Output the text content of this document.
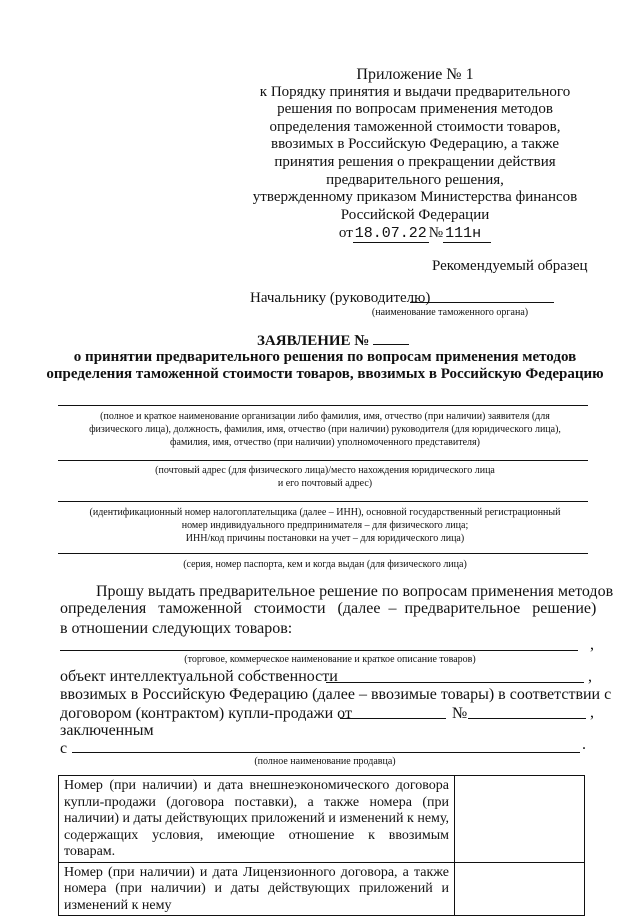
Приложение № 1
к Порядку принятия и выдачи предварительного
решения по вопросам применения методов
определения таможенной стоимости товаров,
ввозимых в Российскую Федерацию, а также
принятия решения о прекращении действия
предварительного решения,
утвержденному приказом Министерства финансов
Российской Федерации
от 18.07.22 № 111н
Рекомендуемый образец
Начальнику (руководителю)
(наименование таможенного органа)
ЗАЯВЛЕНИЕ №
о принятии предварительного решения по вопросам применения методов
определения таможенной стоимости товаров, ввозимых в Российскую Федерацию
(полное и краткое наименование организации либо фамилия, имя, отчество (при наличии) заявителя (для
физического лица), должность, фамилия, имя, отчество (при наличии) руководителя (для юридического лица),
фамилия, имя, отчество (при наличии) уполномоченного представителя)
(почтовый адрес (для физического лица)/место нахождения юридического лица
и его почтовый адрес)
(идентификационный номер налогоплательщика (далее – ИНН), основной государственный регистрационный
номер индивидуального предпринимателя – для физического лица;
ИНН/код причины постановки на учет – для юридического лица)
(серия, номер паспорта, кем и когда выдан (для физического лица)
Прошу выдать предварительное решение по вопросам применения методов
определения   таможенной   стоимости   (далее  –  предварительное   решение)
в отношении следующих товаров:
,
(торговое, коммерческое наименование и краткое описание товаров)
объект интеллектуальной собственности	,
ввозимых в Российскую Федерацию (далее – ввозимые товары) в соответствии с
договором (контрактом) купли-продажи от	№	,
заключенным
с	.
(полное наименование продавца)
Номер (при наличии) и дата внешнеэкономического договора купли-продажи (договора поставки), а также номера (при наличии) и даты действующих приложений и изменений к нему, содержащих условия, имеющие отношение к ввозимым товарам.	
Номер (при наличии) и дата Лицензионного договора, а также номера (при наличии) и даты действующих приложений и изменений к нему	
